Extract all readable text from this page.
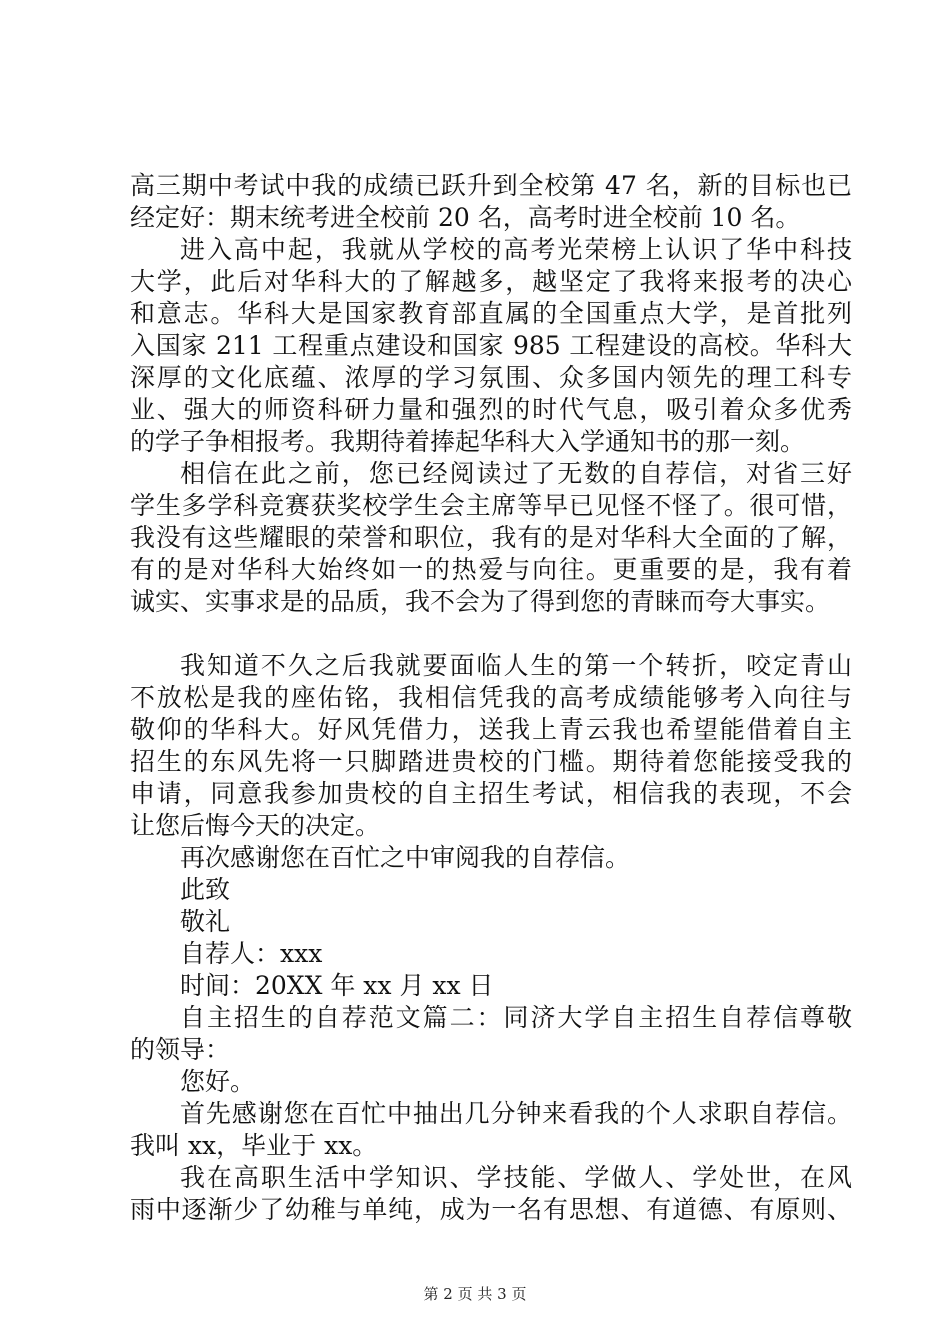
高三期中考试中我的成绩已跃升到全校第 47 名，新的目标也已
经定好：期末统考进全校前 20 名，高考时进全校前 10 名。
进入高中起，我就从学校的高考光荣榜上认识了华中科技
大学，此后对华科大的了解越多，越坚定了我将来报考的决心
和意志。华科大是国家教育部直属的全国重点大学，是首批列
入国家 211 工程重点建设和国家 985 工程建设的高校。华科大
深厚的文化底蕴、浓厚的学习氛围、众多国内领先的理工科专
业、强大的师资科研力量和强烈的时代气息，吸引着众多优秀
的学子争相报考。我期待着捧起华科大入学通知书的那一刻。
相信在此之前，您已经阅读过了无数的自荐信，对省三好
学生多学科竞赛获奖校学生会主席等早已见怪不怪了。很可惜，
我没有这些耀眼的荣誉和职位，我有的是对华科大全面的了解，
有的是对华科大始终如一的热爱与向往。更重要的是，我有着
诚实、实事求是的品质，我不会为了得到您的青睐而夸大事实。
我知道不久之后我就要面临人生的第一个转折，咬定青山
不放松是我的座佑铭，我相信凭我的高考成绩能够考入向往与
敬仰的华科大。好风凭借力，送我上青云我也希望能借着自主
招生的东风先将一只脚踏进贵校的门槛。期待着您能接受我的
申请，同意我参加贵校的自主招生考试，相信我的表现，不会
让您后悔今天的决定。
再次感谢您在百忙之中审阅我的自荐信。
此致
敬礼
自荐人：xxx
时间：20XX 年 xx 月 xx 日
自主招生的自荐范文篇二：同济大学自主招生自荐信尊敬
的领导：
您好。
首先感谢您在百忙中抽出几分钟来看我的个人求职自荐信。
我叫 xx，毕业于 xx。
我在高职生活中学知识、学技能、学做人、学处世，在风
雨中逐渐少了幼稚与单纯，成为一名有思想、有道德、有原则、
第 2 页 共 3 页
